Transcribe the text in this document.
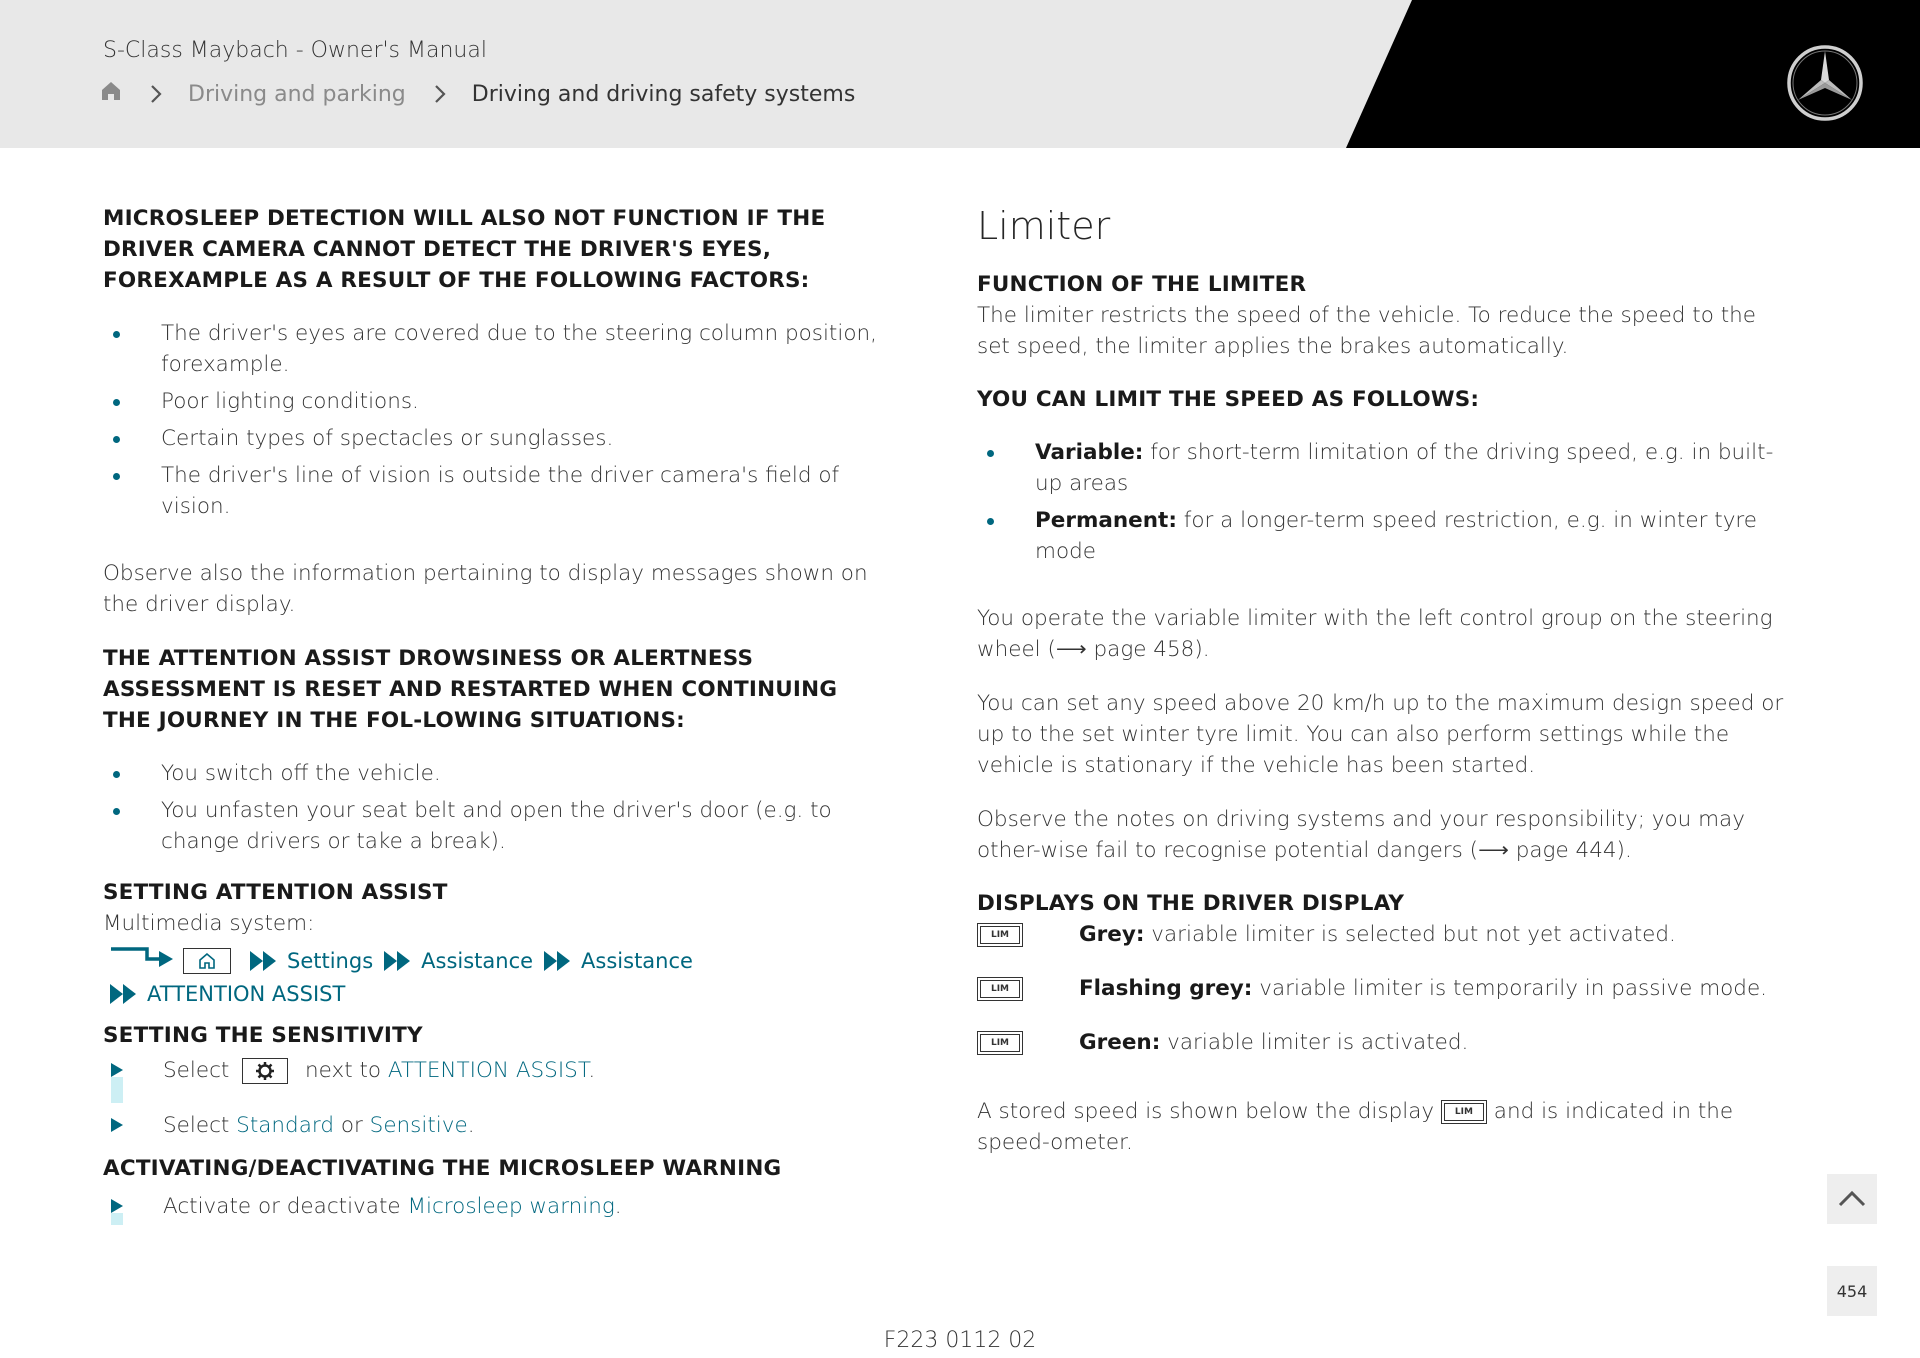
S-Class Maybach - Owner's Manual
Driving and parking	Driving and driving safety systems

MICROSLEEP DETECTION WILL ALSO NOT FUNCTION IF THE DRIVER CAMERA CANNOT DETECT THE DRIVER'S EYES, FOREXAMPLE AS A RESULT OF THE FOLLOWING FACTORS:

The driver's eyes are covered due to the steering column position, forexample.
Poor lighting conditions.
Certain types of spectacles or sunglasses.
The driver's line of vision is outside the driver camera's field of vision.

Observe also the information pertaining to display messages shown on the driver display.

THE ATTENTION ASSIST DROWSINESS OR ALERTNESS ASSESSMENT IS RESET AND RESTARTED WHEN CONTINUING THE JOURNEY IN THE FOL-LOWING SITUATIONS:

You switch off the vehicle.
You unfasten your seat belt and open the driver's door (e.g. to change drivers or take a break).

SETTING ATTENTION ASSIST

Multimedia system:

Settings Assistance Assistance
ATTENTION ASSIST

SETTING THE SENSITIVITY

Select	next to ATTENTION ASSIST.
Select Standard or Sensitive.

ACTIVATING/DEACTIVATING THE MICROSLEEP WARNING

Activate or deactivate Microsleep warning.
Limiter

FUNCTION OF THE LIMITER

The limiter restricts the speed of the vehicle. To reduce the speed to the set speed, the limiter applies the brakes automatically.

YOU CAN LIMIT THE SPEED AS FOLLOWS:

Variable: for short-term limitation of the driving speed, e.g. in built-up areas
Permanent: for a longer-term speed restriction, e.g. in winter tyre mode

You operate the variable limiter with the left control group on the steering wheel (⟶ page 458).

You can set any speed above 20 km/h up to the maximum design speed or up to the set winter tyre limit. You can also perform settings while the vehicle is stationary if the vehicle has been started.

Observe the notes on driving systems and your responsibility; you may other-wise fail to recognise potential dangers (⟶ page 444).

DISPLAYS ON THE DRIVER DISPLAY

LIM	Grey: variable limiter is selected but not yet activated.
LIM	Flashing grey: variable limiter is temporarily in passive mode.
LIM	Green: variable limiter is activated.

A stored speed is shown below the display LIM and is indicated in the speed-ometer.

454
F223 0112 02
